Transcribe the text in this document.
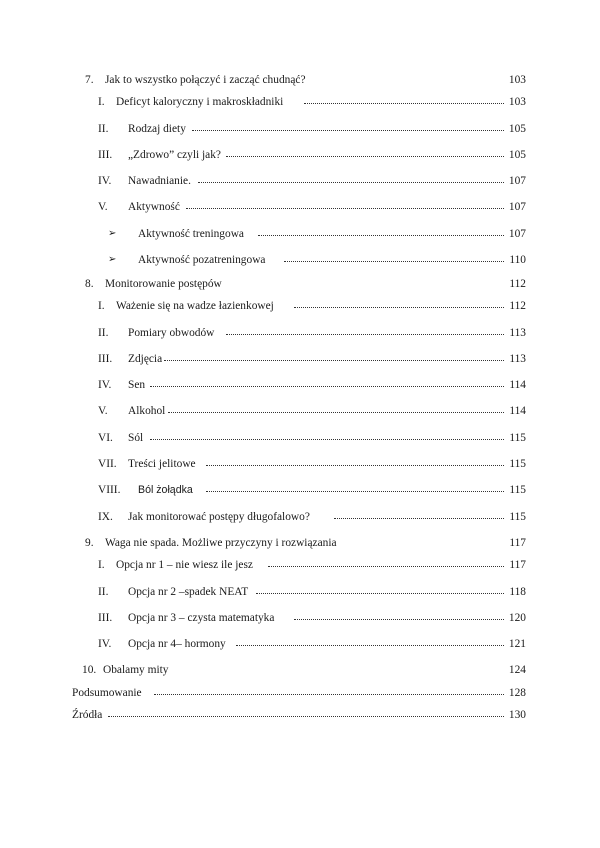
7. Jak to wszystko połączyć i zacząć chudnąć?	103
I. Deficyt kaloryczny i makroskładniki	103
II. Rodzaj diety	105
III. „Zdrowo” czyli jak?	105
IV. Nawadnianie.	107
V. Aktywność	107
➢ Aktywność treningowa	107
➢ Aktywność pozatreningowa	110
8. Monitorowanie postępów	112
I. Ważenie się na wadze łazienkowej	112
II. Pomiary obwodów	113
III. Zdjęcia	113
IV. Sen	114
V. Alkohol	114
VI. Sól	115
VII. Treści jelitowe	115
VIII. Ból żołądka	115
IX. Jak monitorować postępy długofalowo?	115
9. Waga nie spada. Możliwe przyczyny i rozwiązania	117
I. Opcja nr 1 – nie wiesz ile jesz	117
II. Opcja nr 2 –spadek NEAT	118
III. Opcja nr 3 – czysta matematyka	120
IV. Opcja nr 4– hormony	121
10. Obalamy mity	124
Podsumowanie	128
Źródła	130
